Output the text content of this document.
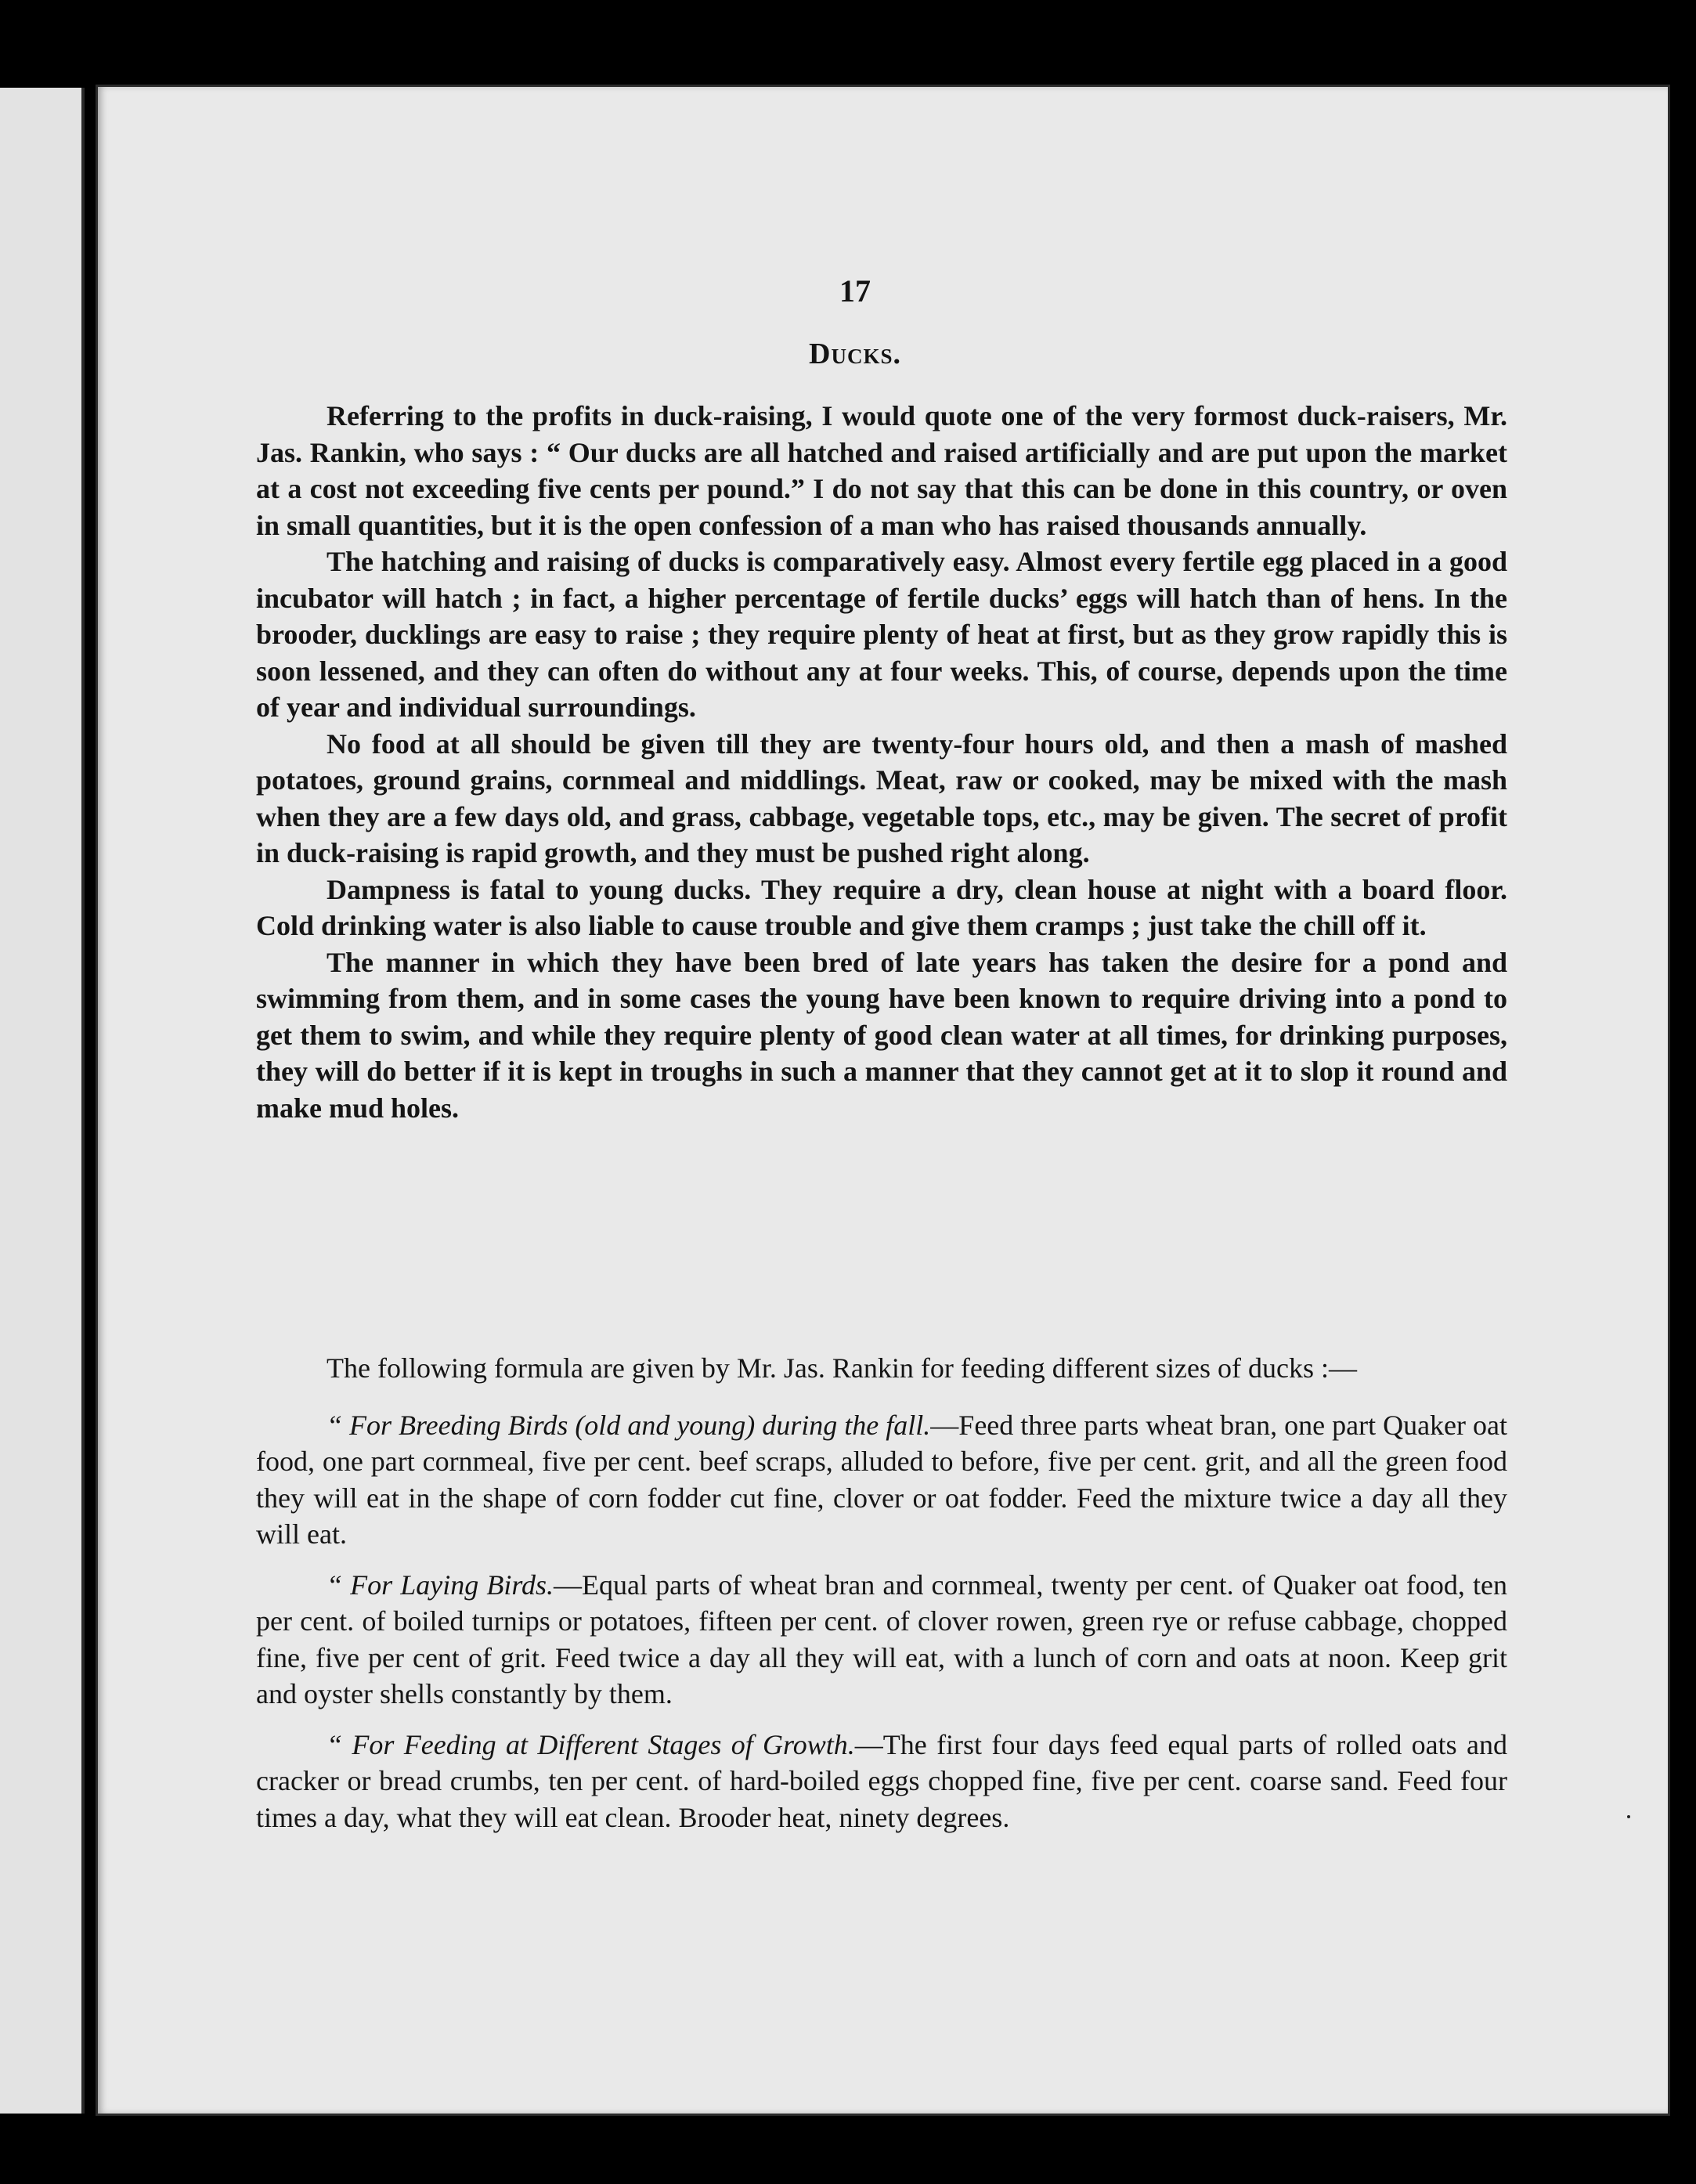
17
Ducks.

Referring to the profits in duck-raising, I would quote one of the very formost duck-raisers, Mr. Jas. Rankin, who says : “ Our ducks are all hatched and raised artificially and are put upon the market at a cost not exceeding five cents per pound.” I do not say that this can be done in this country, or oven in small quantities, but it is the open confession of a man who has raised thousands annually.

The hatching and raising of ducks is comparatively easy. Almost every fertile egg placed in a good incubator will hatch ; in fact, a higher percentage of fertile ducks’ eggs will hatch than of hens. In the brooder, ducklings are easy to raise ; they require plenty of heat at first, but as they grow rapidly this is soon lessened, and they can often do without any at four weeks. This, of course, depends upon the time of year and individual surroundings.

No food at all should be given till they are twenty-four hours old, and then a mash of mashed potatoes, ground grains, cornmeal and middlings. Meat, raw or cooked, may be mixed with the mash when they are a few days old, and grass, cabbage, vegetable tops, etc., may be given. The secret of profit in duck-raising is rapid growth, and they must be pushed right along.

Dampness is fatal to young ducks. They require a dry, clean house at night with a board floor. Cold drinking water is also liable to cause trouble and give them cramps ; just take the chill off it.

The manner in which they have been bred of late years has taken the desire for a pond and swimming from them, and in some cases the young have been known to require driving into a pond to get them to swim, and while they require plenty of good clean water at all times, for drinking purposes, they will do better if it is kept in troughs in such a manner that they cannot get at it to slop it round and make mud holes.

The following formula are given by Mr. Jas. Rankin for feeding different sizes of ducks :—

“ For Breeding Birds (old and young) during the fall.—Feed three parts wheat bran, one part Quaker oat food, one part cornmeal, five per cent. beef scraps, alluded to before, five per cent. grit, and all the green food they will eat in the shape of corn fodder cut fine, clover or oat fodder. Feed the mixture twice a day all they will eat.

“ For Laying Birds.—Equal parts of wheat bran and cornmeal, twenty per cent. of Quaker oat food, ten per cent. of boiled turnips or potatoes, fifteen per cent. of clover rowen, green rye or refuse cabbage, chopped fine, five per cent of grit. Feed twice a day all they will eat, with a lunch of corn and oats at noon. Keep grit and oyster shells constantly by them.

“ For Feeding at Different Stages of Growth.—The first four days feed equal parts of rolled oats and cracker or bread crumbs, ten per cent. of hard-boiled eggs chopped fine, five per cent. coarse sand. Feed four times a day, what they will eat clean. Brooder heat, ninety degrees.
